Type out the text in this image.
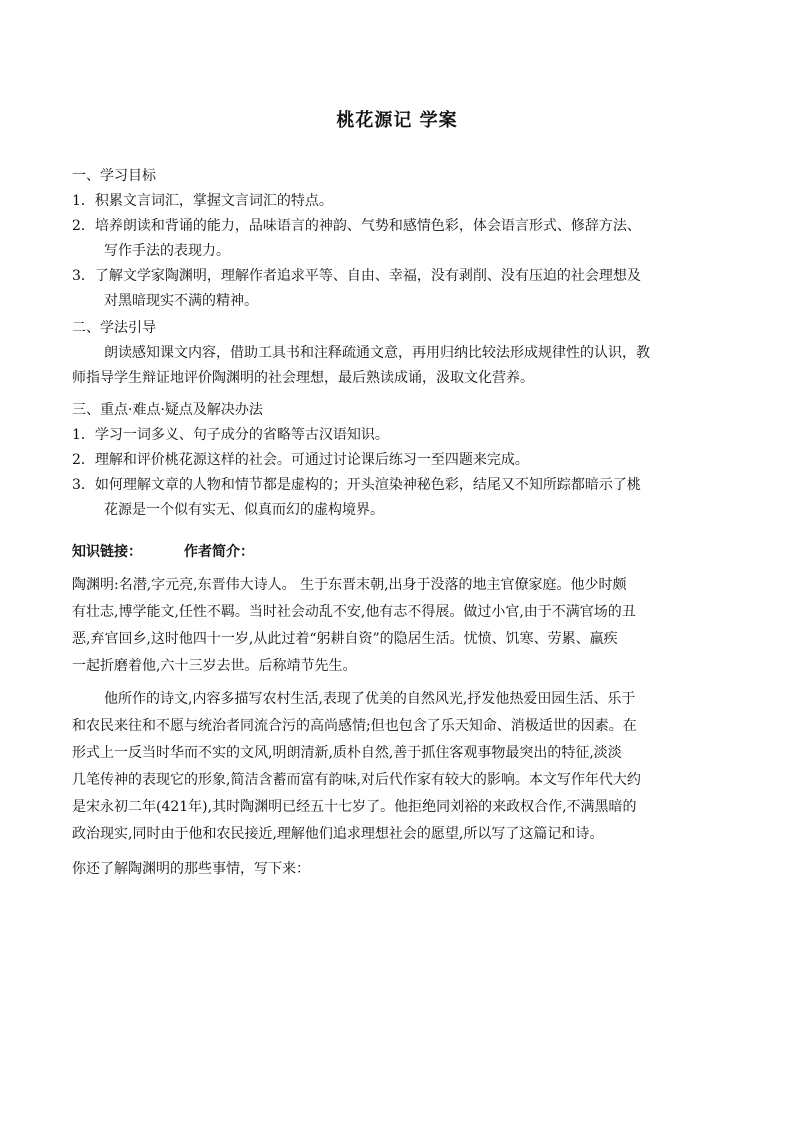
桃花源记 学案
一、学习目标
1．积累文言词汇，掌握文言词汇的特点。
2．培养朗读和背诵的能力，品味语言的神韵、气势和感情色彩，体会语言形式、修辞方法、
写作手法的表现力。
3．了解文学家陶渊明，理解作者追求平等、自由、幸福，没有剥削、没有压迫的社会理想及
对黑暗现实不满的精神。
二、学法引导
朗读感知课文内容，借助工具书和注释疏通文意，再用归纳比较法形成规律性的认识，教
师指导学生辩证地评价陶渊明的社会理想，最后熟读成诵，汲取文化营养。
三、重点·难点·疑点及解决办法
1．学习一词多义、句子成分的省略等古汉语知识。
2．理解和评价桃花源这样的社会。可通过讨论课后练习一至四题来完成。
3．如何理解文章的人物和情节都是虚构的；开头渲染神秘色彩，结尾又不知所踪都暗示了桃
花源是一个似有实无、似真而幻的虚构境界。
知识链接：	作者简介：
陶渊明:名潜,字元亮,东晋伟大诗人。 生于东晋末朝,出身于没落的地主官僚家庭。他少时颇
有壮志,博学能文,任性不羁。当时社会动乱不安,他有志不得展。做过小官,由于不满官场的丑
恶,弃官回乡,这时他四十一岁,从此过着“躬耕自资”的隐居生活。忧愤、饥寒、劳累、羸疾
一起折磨着他,六十三岁去世。后称靖节先生。
他所作的诗文,内容多描写农村生活,表现了优美的自然风光,抒发他热爱田园生活、乐于
和农民来往和不愿与统治者同流合污的高尚感情;但也包含了乐天知命、消极适世的因素。在
形式上一反当时华而不实的文风,明朗清新,质朴自然,善于抓住客观事物最突出的特征,淡淡
几笔传神的表现它的形象,简洁含蓄而富有韵味,对后代作家有较大的影响。本文写作年代大约
是宋永初二年(421年),其时陶渊明已经五十七岁了。他拒绝同刘裕的来政权合作,不满黑暗的
政治现实,同时由于他和农民接近,理解他们追求理想社会的愿望,所以写了这篇记和诗。
你还了解陶渊明的那些事情，写下来：
